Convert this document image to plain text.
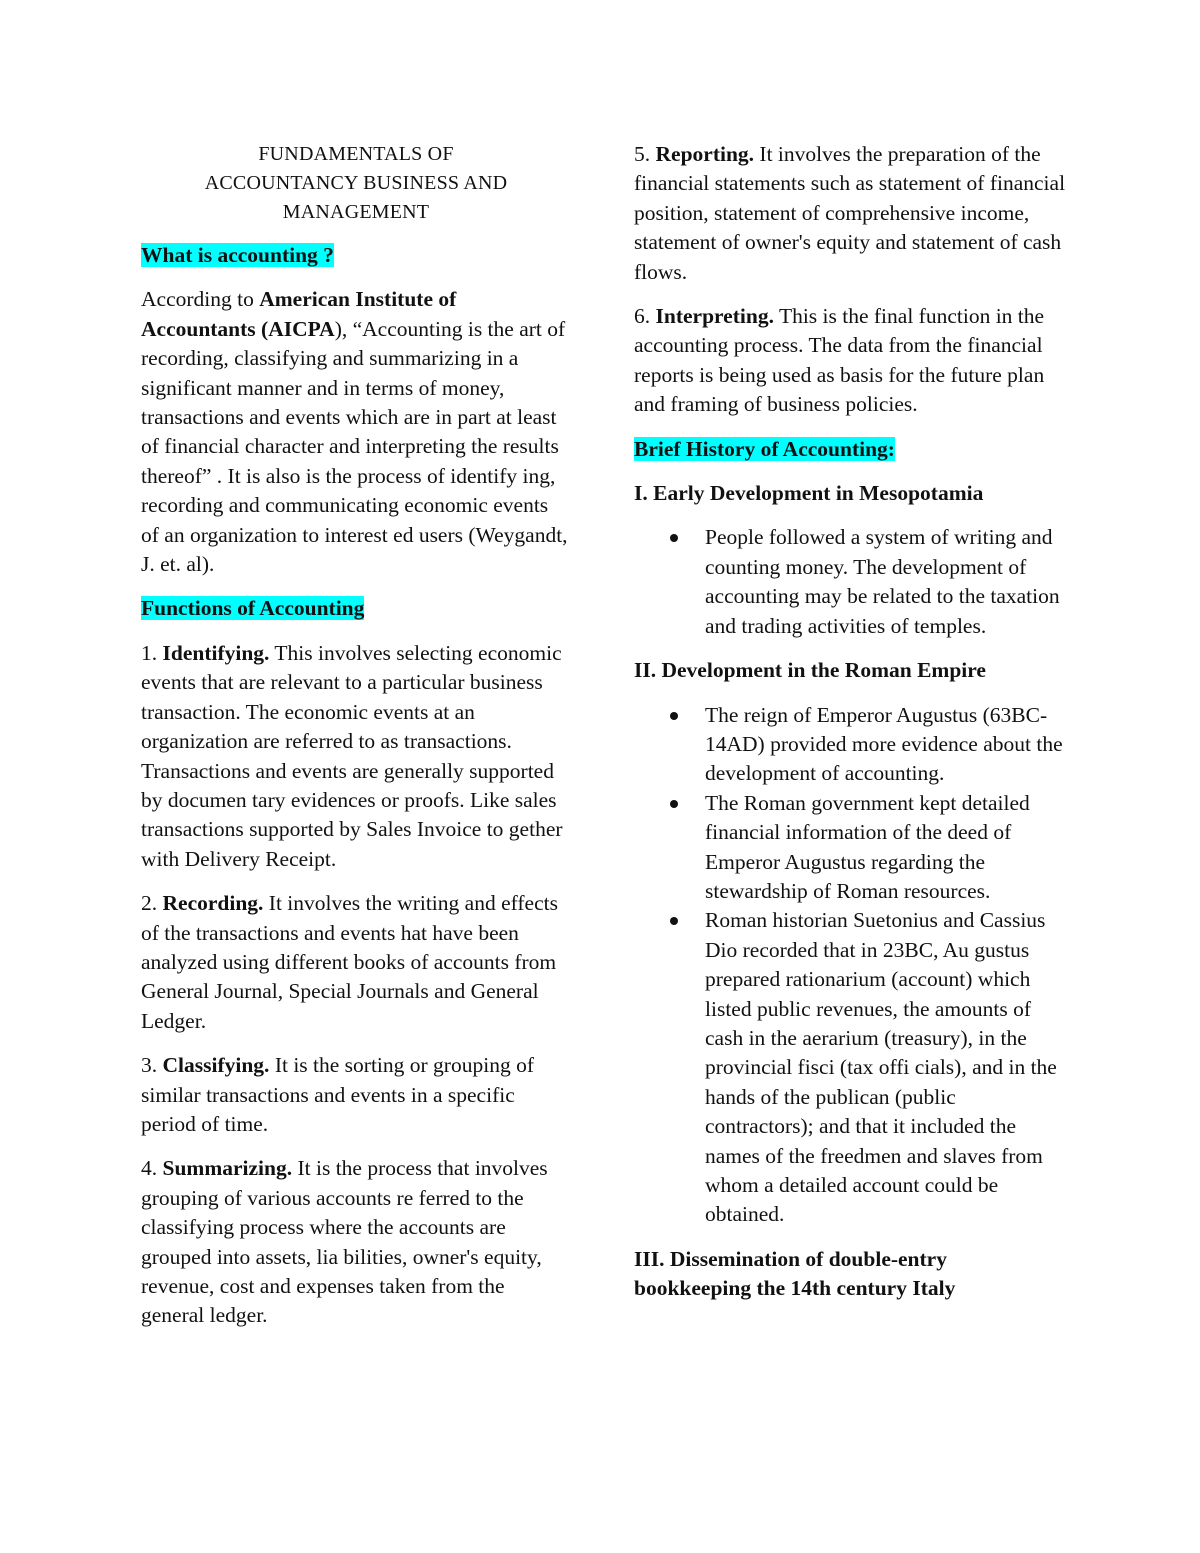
FUNDAMENTALS OF
ACCOUNTANCY BUSINESS AND
MANAGEMENT

What is accounting ?

According to American Institute of Accountants (AICPA), “Accounting is the art of recording, classifying and summarizing in a significant manner and in terms of money, transactions and events which are in part at least of financial character and interpreting the results thereof” . It is also is the process of identify ing, recording and communicating economic events of an organization to interest ed users (Weygandt, J. et. al).

Functions of Accounting

1. Identifying. This involves selecting economic events that are relevant to a particular business transaction. The economic events at an organization are referred to as transactions. Transactions and events are generally supported by documen tary evidences or proofs. Like sales transactions supported by Sales Invoice to gether with Delivery Receipt.

2. Recording. It involves the writing and effects of the transactions and events hat have been analyzed using different books of accounts from General Journal, Special Journals and General Ledger.

3. Classifying. It is the sorting or grouping of similar transactions and events in a specific period of time.

4. Summarizing. It is the process that involves grouping of various accounts re ferred to the classifying process where the accounts are grouped into assets, lia bilities, owner's equity, revenue, cost and expenses taken from the general ledger.

5. Reporting. It involves the preparation of the financial statements such as statement of financial position, statement of comprehensive income, statement of owner's equity and statement of cash flows.

6. Interpreting. This is the final function in the accounting process. The data from the financial reports is being used as basis for the future plan and framing of business policies.

Brief History of Accounting:

I. Early Development in Mesopotamia

People followed a system of writing and counting money. The development of accounting may be related to the taxation and trading activities of temples.

II. Development in the Roman Empire

The reign of Emperor Augustus (63BC-14AD) provided more evidence about the development of accounting.
The Roman government kept detailed financial information of the deed of Emperor Augustus regarding the stewardship of Roman resources.
Roman historian Suetonius and Cassius Dio recorded that in 23BC, Au gustus prepared rationarium (account) which listed public revenues, the amounts of cash in the aerarium (treasury), in the provincial fisci (tax offi cials), and in the hands of the publican (public contractors); and that it included the names of the freedmen and slaves from whom a detailed account could be obtained.

III. Dissemination of double-entry bookkeeping the 14th century Italy
